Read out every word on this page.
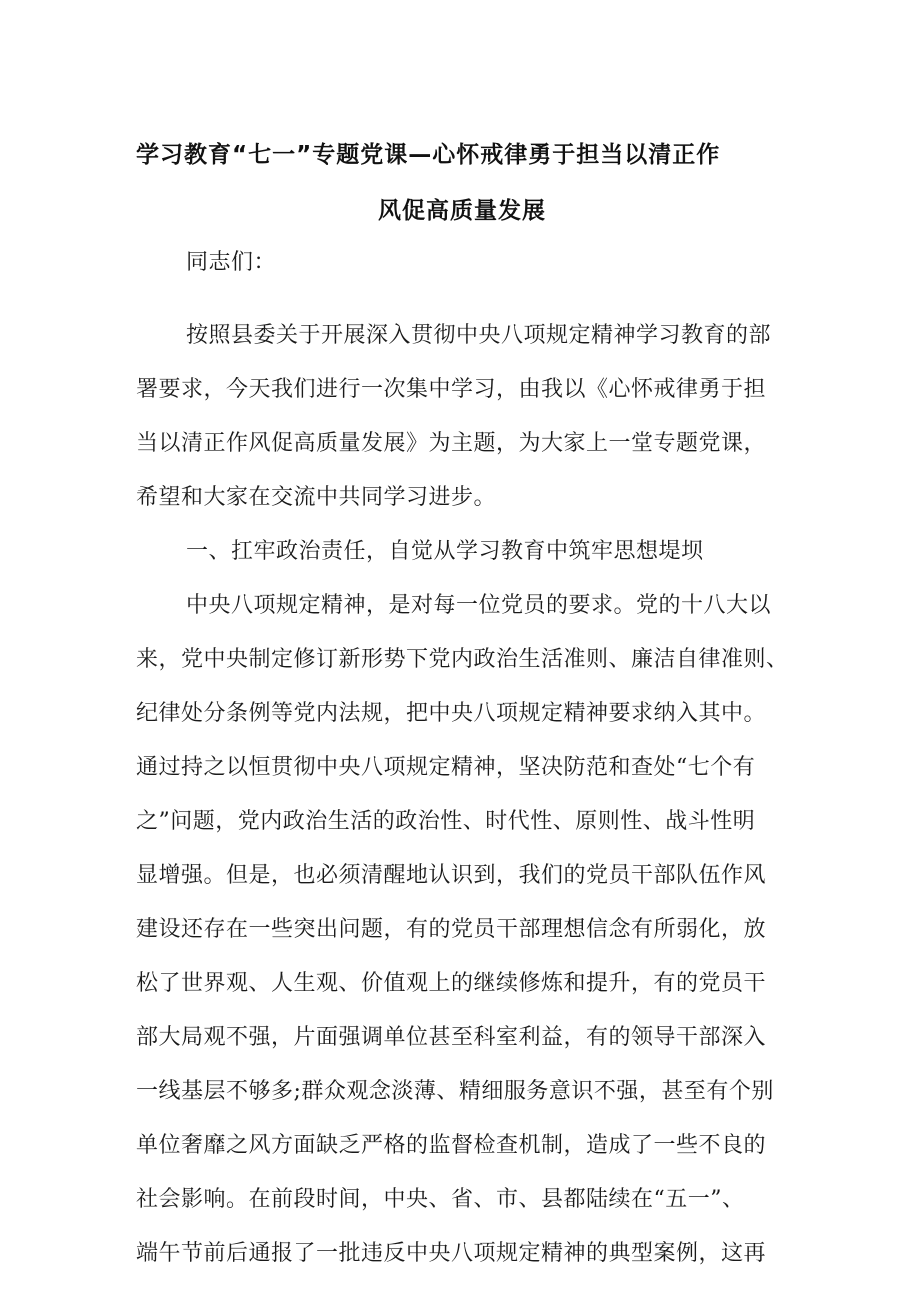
学习教育“七一”专题党课—心怀戒律勇于担当以清正作
风促高质量发展
同志们：
按照县委关于开展深入贯彻中央八项规定精神学习教育的部
署要求，今天我们进行一次集中学习，由我以《心怀戒律勇于担
当以清正作风促高质量发展》为主题，为大家上一堂专题党课，
希望和大家在交流中共同学习进步。
一、扛牢政治责任，自觉从学习教育中筑牢思想堤坝
中央八项规定精神，是对每一位党员的要求。党的十八大以
来，党中央制定修订新形势下党内政治生活准则、廉洁自律准则、
纪律处分条例等党内法规，把中央八项规定精神要求纳入其中。
通过持之以恒贯彻中央八项规定精神，坚决防范和查处“七个有
之”问题，党内政治生活的政治性、时代性、原则性、战斗性明
显增强。但是，也必须清醒地认识到，我们的党员干部队伍作风
建设还存在一些突出问题，有的党员干部理想信念有所弱化，放
松了世界观、人生观、价值观上的继续修炼和提升，有的党员干
部大局观不强，片面强调单位甚至科室利益，有的领导干部深入
一线基层不够多;群众观念淡薄、精细服务意识不强，甚至有个别
单位奢靡之风方面缺乏严格的监督检查机制，造成了一些不良的
社会影响。在前段时间，中央、省、市、县都陆续在“五一”、
端午节前后通报了一批违反中央八项规定精神的典型案例，这再
